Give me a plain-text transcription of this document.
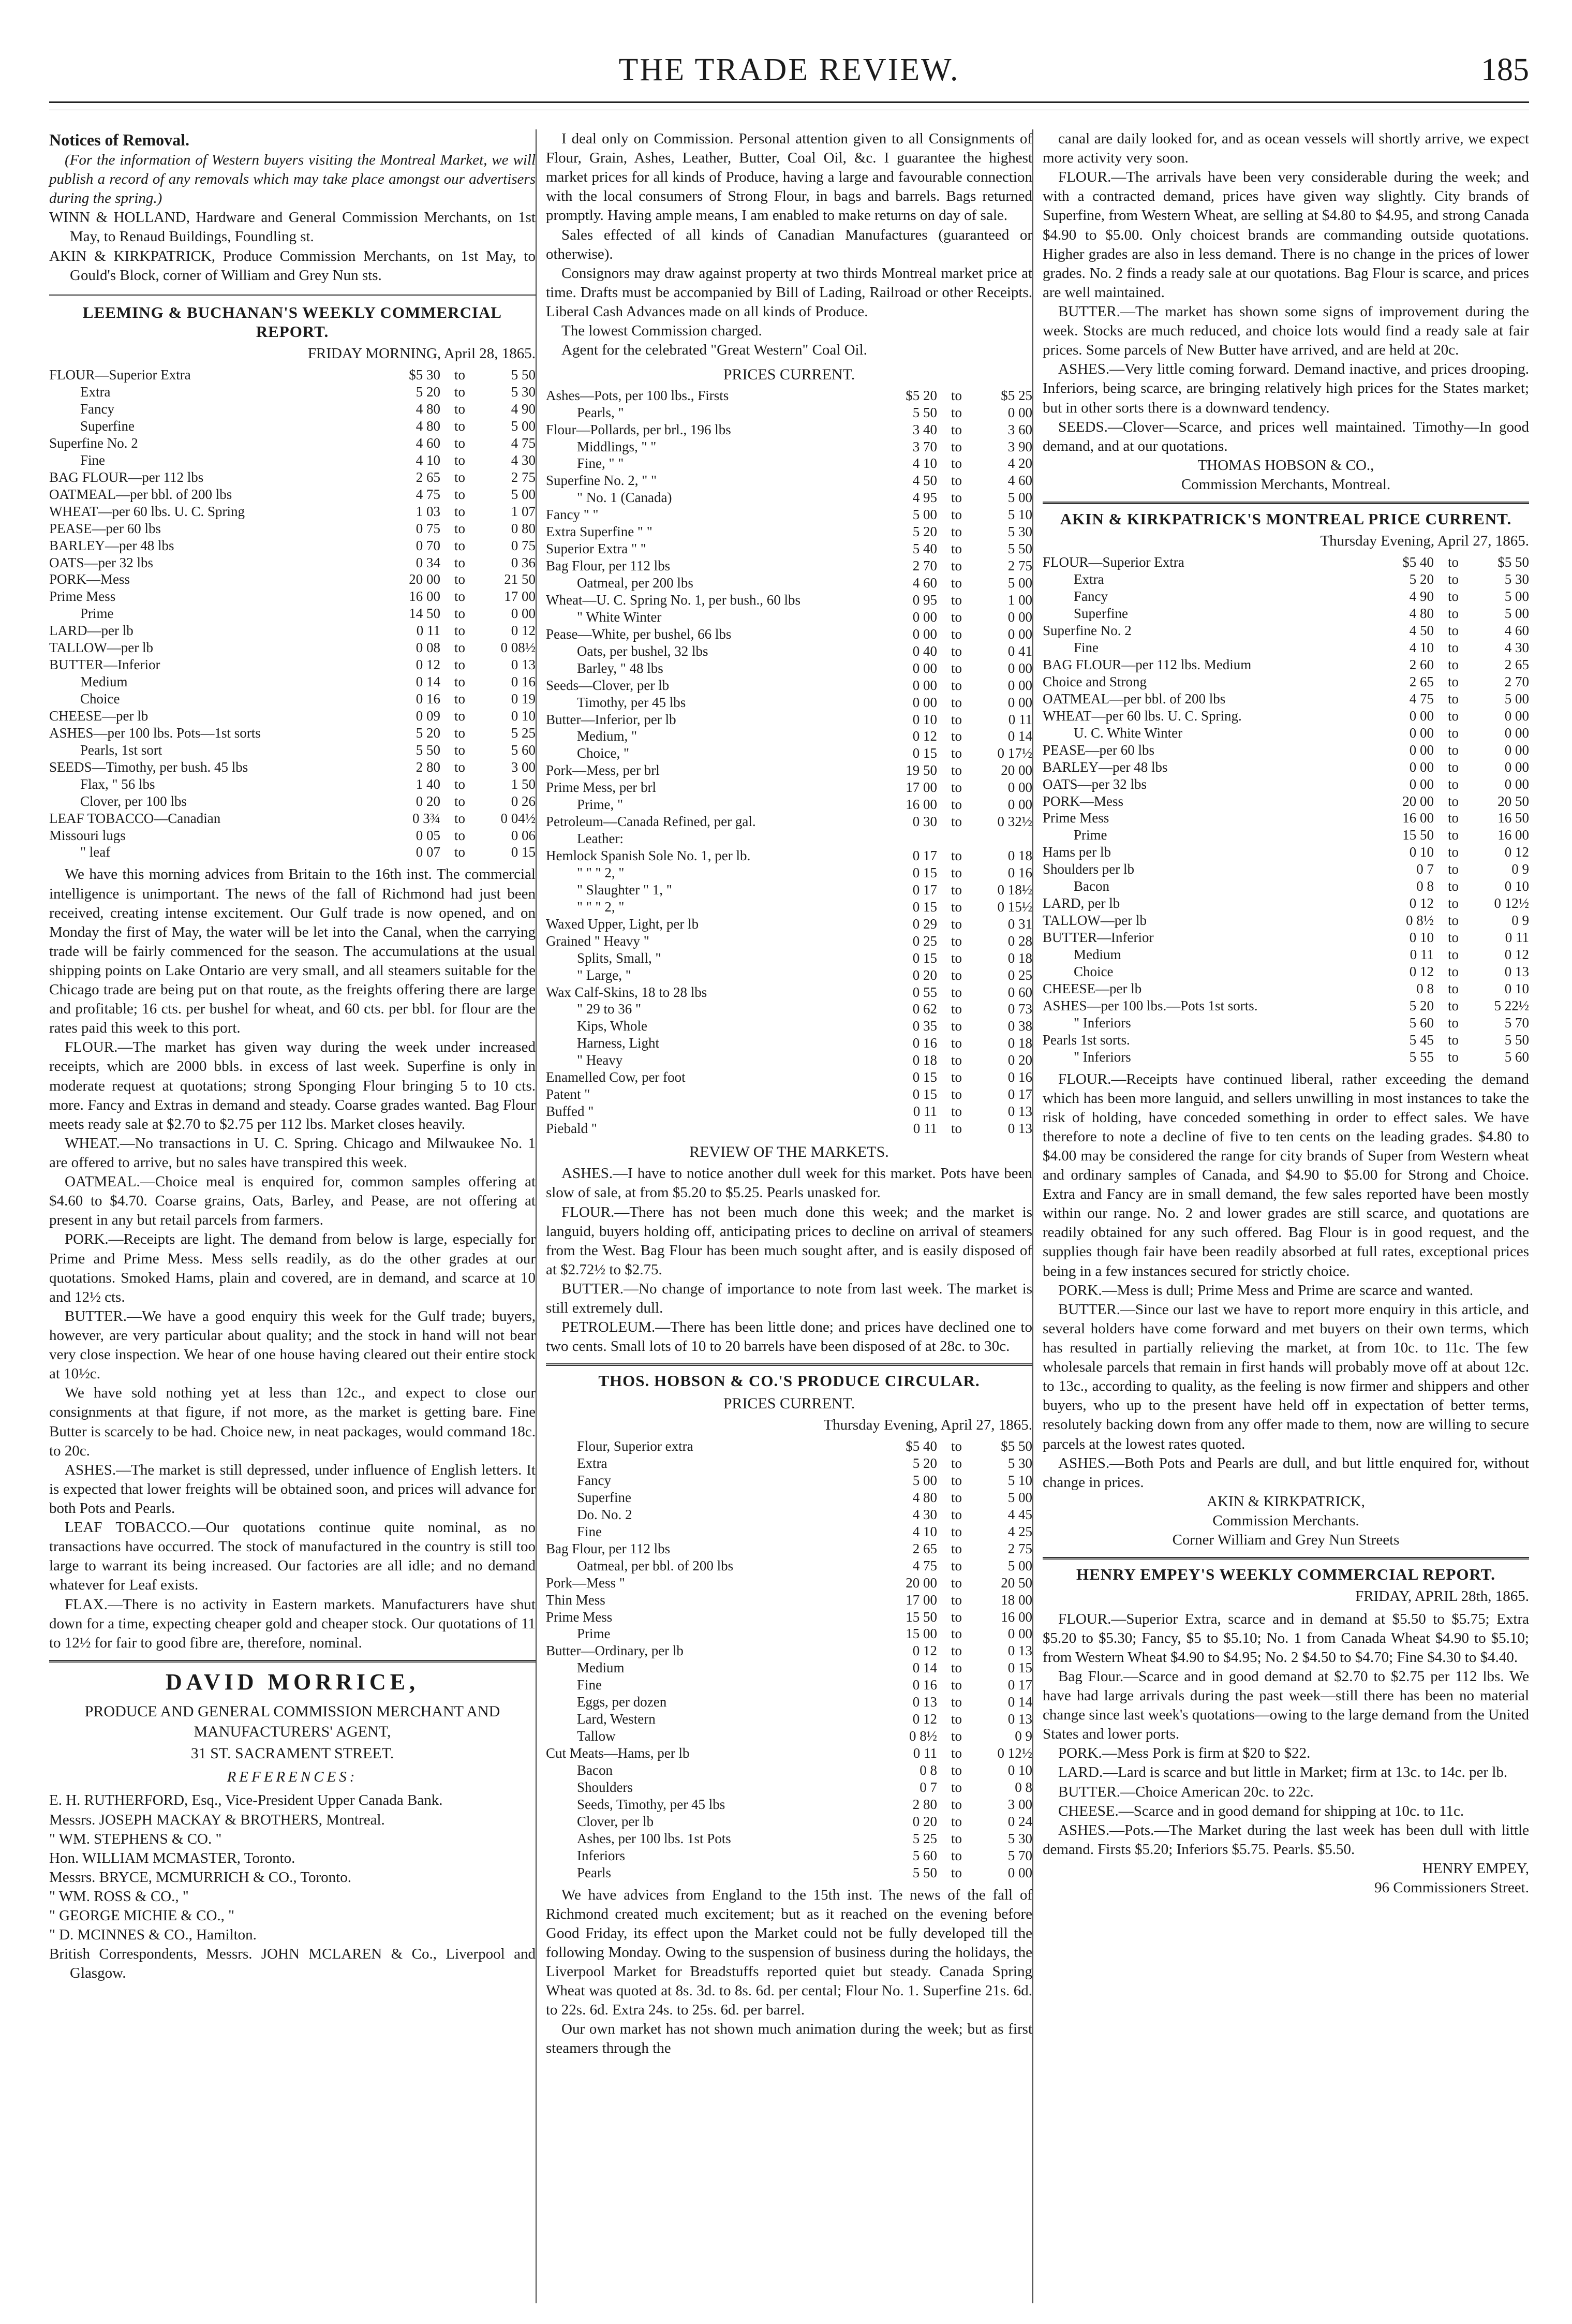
THE TRADE REVIEW.	185
Notices of Removal.

(For the information of Western buyers visiting the Montreal Market, we will publish a record of any removals which may take place amongst our advertisers during the spring.)

WINN & HOLLAND, Hardware and General Commission Merchants, on 1st May, to Renaud Buildings, Foundling st.

AKIN & KIRKPATRICK, Produce Commission Merchants, on 1st May, to Gould's Block, corner of William and Grey Nun sts.

LEEMING & BUCHANAN'S WEEKLY COMMERCIAL REPORT.
FRIDAY MORNING, April 28, 1865.
FLOUR—Superior Extra	$5 30	to	5 50
Extra	5 20	to	5 30
Fancy	4 80	to	4 90
Superfine	4 80	to	5 00
Superfine No. 2	4 60	to	4 75
Fine	4 10	to	4 30
BAG FLOUR—per 112 lbs	2 65	to	2 75
OATMEAL—per bbl. of 200 lbs	4 75	to	5 00
WHEAT—per 60 lbs. U. C. Spring	1 03	to	1 07
PEASE—per 60 lbs	0 75	to	0 80
BARLEY—per 48 lbs	0 70	to	0 75
OATS—per 32 lbs	0 34	to	0 36
PORK—Mess	20 00	to	21 50
Prime Mess	16 00	to	17 00
Prime	14 50	to	0 00
LARD—per lb	0 11	to	0 12
TALLOW—per lb	0 08	to	0 08½
BUTTER—Inferior	0 12	to	0 13
Medium	0 14	to	0 16
Choice	0 16	to	0 19
CHEESE—per lb	0 09	to	0 10
ASHES—per 100 lbs. Pots—1st sorts	5 20	to	5 25
Pearls, 1st sort	5 50	to	5 60
SEEDS—Timothy, per bush. 45 lbs	2 80	to	3 00
Flax, " 56 lbs	1 40	to	1 50
Clover, per 100 lbs	0 20	to	0 26
LEAF TOBACCO—Canadian	0 3¾	to	0 04½
Missouri lugs	0 05	to	0 06
" leaf	0 07	to	0 15

We have this morning advices from Britain to the 16th inst. The commercial intelligence is unimportant. The news of the fall of Richmond had just been received, creating intense excitement. Our Gulf trade is now opened, and on Monday the first of May, the water will be let into the Canal, when the carrying trade will be fairly commenced for the season. The accumulations at the usual shipping points on Lake Ontario are very small, and all steamers suitable for the Chicago trade are being put on that route, as the freights offering there are large and profitable; 16 cts. per bushel for wheat, and 60 cts. per bbl. for flour are the rates paid this week to this port.

FLOUR.—The market has given way during the week under increased receipts, which are 2000 bbls. in excess of last week. Superfine is only in moderate request at quotations; strong Sponging Flour bringing 5 to 10 cts. more. Fancy and Extras in demand and steady. Coarse grades wanted. Bag Flour meets ready sale at $2.70 to $2.75 per 112 lbs. Market closes heavily.

WHEAT.—No transactions in U. C. Spring. Chicago and Milwaukee No. 1 are offered to arrive, but no sales have transpired this week.

OATMEAL.—Choice meal is enquired for, common samples offering at $4.60 to $4.70. Coarse grains, Oats, Barley, and Pease, are not offering at present in any but retail parcels from farmers.

PORK.—Receipts are light. The demand from below is large, especially for Prime and Prime Mess. Mess sells readily, as do the other grades at our quotations. Smoked Hams, plain and covered, are in demand, and scarce at 10 and 12½ cts.

BUTTER.—We have a good enquiry this week for the Gulf trade; buyers, however, are very particular about quality; and the stock in hand will not bear very close inspection. We hear of one house having cleared out their entire stock at 10½c.

We have sold nothing yet at less than 12c., and expect to close our consignments at that figure, if not more, as the market is getting bare. Fine Butter is scarcely to be had. Choice new, in neat packages, would command 18c. to 20c.

ASHES.—The market is still depressed, under influence of English letters. It is expected that lower freights will be obtained soon, and prices will advance for both Pots and Pearls.

LEAF TOBACCO.—Our quotations continue quite nominal, as no transactions have occurred. The stock of manufactured in the country is still too large to warrant its being increased. Our factories are all idle; and no demand whatever for Leaf exists.

FLAX.—There is no activity in Eastern markets. Manufacturers have shut down for a time, expecting cheaper gold and cheaper stock. Our quotations of 11 to 12½ for fair to good fibre are, therefore, nominal.

DAVID MORRICE,
PRODUCE AND GENERAL COMMISSION MERCHANT AND MANUFACTURERS' AGENT,
31 ST. SACRAMENT STREET.
REFERENCES:

E. H. RUTHERFORD, Esq., Vice-President Upper Canada Bank.

Messrs. JOSEPH MACKAY & BROTHERS, Montreal.

" WM. STEPHENS & CO. "

Hon. WILLIAM MCMASTER, Toronto.

Messrs. BRYCE, MCMURRICH & CO., Toronto.

" WM. ROSS & CO., "

" GEORGE MICHIE & CO., "

" D. MCINNES & CO., Hamilton.

British Correspondents, Messrs. JOHN MCLAREN & Co., Liverpool and Glasgow.

I deal only on Commission. Personal attention given to all Consignments of Flour, Grain, Ashes, Leather, Butter, Coal Oil, &c. I guarantee the highest market prices for all kinds of Produce, having a large and favourable connection with the local consumers of Strong Flour, in bags and barrels. Bags returned promptly. Having ample means, I am enabled to make returns on day of sale.

Sales effected of all kinds of Canadian Manufactures (guaranteed or otherwise).

Consignors may draw against property at two thirds Montreal market price at time. Drafts must be accompanied by Bill of Lading, Railroad or other Receipts. Liberal Cash Advances made on all kinds of Produce.

The lowest Commission charged.

Agent for the celebrated "Great Western" Coal Oil.

PRICES CURRENT.
Ashes—Pots, per 100 lbs., Firsts	$5 20	to	$5 25
Pearls, "	5 50	to	0 00
Flour—Pollards, per brl., 196 lbs	3 40	to	3 60
Middlings, " "	3 70	to	3 90
Fine, " "	4 10	to	4 20
Superfine No. 2, " "	4 50	to	4 60
" No. 1 (Canada)	4 95	to	5 00
Fancy " "	5 00	to	5 10
Extra Superfine " "	5 20	to	5 30
Superior Extra " "	5 40	to	5 50
Bag Flour, per 112 lbs	2 70	to	2 75
Oatmeal, per 200 lbs	4 60	to	5 00
Wheat—U. C. Spring No. 1, per bush., 60 lbs	0 95	to	1 00
" White Winter	0 00	to	0 00
Pease—White, per bushel, 66 lbs	0 00	to	0 00
Oats, per bushel, 32 lbs	0 40	to	0 41
Barley, " 48 lbs	0 00	to	0 00
Seeds—Clover, per lb	0 00	to	0 00
Timothy, per 45 lbs	0 00	to	0 00
Butter—Inferior, per lb	0 10	to	0 11
Medium, "	0 12	to	0 14
Choice, "	0 15	to	0 17½
Pork—Mess, per brl	19 50	to	20 00
Prime Mess, per brl	17 00	to	0 00
Prime, "	16 00	to	0 00
Petroleum—Canada Refined, per gal.	0 30	to	0 32½
Leather:			
Hemlock Spanish Sole No. 1, per lb.	0 17	to	0 18
" " " 2, "	0 15	to	0 16
" Slaughter " 1, "	0 17	to	0 18½
" " " 2, "	0 15	to	0 15½
Waxed Upper, Light, per lb	0 29	to	0 31
Grained " Heavy "	0 25	to	0 28
Splits, Small, "	0 15	to	0 18
" Large, "	0 20	to	0 25
Wax Calf-Skins, 18 to 28 lbs	0 55	to	0 60
" 29 to 36 "	0 62	to	0 73
Kips, Whole	0 35	to	0 38
Harness, Light	0 16	to	0 18
" Heavy	0 18	to	0 20
Enamelled Cow, per foot	0 15	to	0 16
Patent "	0 15	to	0 17
Buffed "	0 11	to	0 13
Piebald "	0 11	to	0 13
REVIEW OF THE MARKETS.

ASHES.—I have to notice another dull week for this market. Pots have been slow of sale, at from $5.20 to $5.25. Pearls unasked for.

FLOUR.—There has not been much done this week; and the market is languid, buyers holding off, anticipating prices to decline on arrival of steamers from the West. Bag Flour has been much sought after, and is easily disposed of at $2.72½ to $2.75.

BUTTER.—No change of importance to note from last week. The market is still extremely dull.

PETROLEUM.—There has been little done; and prices have declined one to two cents. Small lots of 10 to 20 barrels have been disposed of at 28c. to 30c.

THOS. HOBSON & CO.'S PRODUCE CIRCULAR.
PRICES CURRENT.
Thursday Evening, April 27, 1865.
Flour, Superior extra	$5 40	to	$5 50
Extra	5 20	to	5 30
Fancy	5 00	to	5 10
Superfine	4 80	to	5 00
Do. No. 2	4 30	to	4 45
Fine	4 10	to	4 25
Bag Flour, per 112 lbs	2 65	to	2 75
Oatmeal, per bbl. of 200 lbs	4 75	to	5 00
Pork—Mess "	20 00	to	20 50
Thin Mess	17 00	to	18 00
Prime Mess	15 50	to	16 00
Prime	15 00	to	0 00
Butter—Ordinary, per lb	0 12	to	0 13
Medium	0 14	to	0 15
Fine	0 16	to	0 17
Eggs, per dozen	0 13	to	0 14
Lard, Western	0 12	to	0 13
Tallow	0 8½	to	0 9
Cut Meats—Hams, per lb	0 11	to	0 12½
Bacon	0 8	to	0 10
Shoulders	0 7	to	0 8
Seeds, Timothy, per 45 lbs	2 80	to	3 00
Clover, per lb	0 20	to	0 24
Ashes, per 100 lbs. 1st Pots	5 25	to	5 30
Inferiors	5 60	to	5 70
Pearls	5 50	to	0 00

We have advices from England to the 15th inst. The news of the fall of Richmond created much excitement; but as it reached on the evening before Good Friday, its effect upon the Market could not be fully developed till the following Monday. Owing to the suspension of business during the holidays, the Liverpool Market for Breadstuffs reported quiet but steady. Canada Spring Wheat was quoted at 8s. 3d. to 8s. 6d. per cental; Flour No. 1. Superfine 21s. 6d. to 22s. 6d. Extra 24s. to 25s. 6d. per barrel.

Our own market has not shown much animation during the week; but as first steamers through the

canal are daily looked for, and as ocean vessels will shortly arrive, we expect more activity very soon.

FLOUR.—The arrivals have been very considerable during the week; and with a contracted demand, prices have given way slightly. City brands of Superfine, from Western Wheat, are selling at $4.80 to $4.95, and strong Canada $4.90 to $5.00. Only choicest brands are commanding outside quotations. Higher grades are also in less demand. There is no change in the prices of lower grades. No. 2 finds a ready sale at our quotations. Bag Flour is scarce, and prices are well maintained.

BUTTER.—The market has shown some signs of improvement during the week. Stocks are much reduced, and choice lots would find a ready sale at fair prices. Some parcels of New Butter have arrived, and are held at 20c.

ASHES.—Very little coming forward. Demand inactive, and prices drooping. Inferiors, being scarce, are bringing relatively high prices for the States market; but in other sorts there is a downward tendency.

SEEDS.—Clover—Scarce, and prices well maintained. Timothy—In good demand, and at our quotations.

THOMAS HOBSON & CO.,
Commission Merchants, Montreal.
AKIN & KIRKPATRICK'S MONTREAL PRICE CURRENT.
Thursday Evening, April 27, 1865.
FLOUR—Superior Extra	$5 40	to	$5 50
Extra	5 20	to	5 30
Fancy	4 90	to	5 00
Superfine	4 80	to	5 00
Superfine No. 2	4 50	to	4 60
Fine	4 10	to	4 30
BAG FLOUR—per 112 lbs. Medium	2 60	to	2 65
Choice and Strong	2 65	to	2 70
OATMEAL—per bbl. of 200 lbs	4 75	to	5 00
WHEAT—per 60 lbs. U. C. Spring.	0 00	to	0 00
U. C. White Winter	0 00	to	0 00
PEASE—per 60 lbs	0 00	to	0 00
BARLEY—per 48 lbs	0 00	to	0 00
OATS—per 32 lbs	0 00	to	0 00
PORK—Mess	20 00	to	20 50
Prime Mess	16 00	to	16 50
Prime	15 50	to	16 00
Hams per lb	0 10	to	0 12
Shoulders per lb	0 7	to	0 9
Bacon	0 8	to	0 10
LARD, per lb	0 12	to	0 12½
TALLOW—per lb	0 8½	to	0 9
BUTTER—Inferior	0 10	to	0 11
Medium	0 11	to	0 12
Choice	0 12	to	0 13
CHEESE—per lb	0 8	to	0 10
ASHES—per 100 lbs.—Pots 1st sorts.	5 20	to	5 22½
" Inferiors	5 60	to	5 70
Pearls 1st sorts.	5 45	to	5 50
" Inferiors	5 55	to	5 60

FLOUR.—Receipts have continued liberal, rather exceeding the demand which has been more languid, and sellers unwilling in most instances to take the risk of holding, have conceded something in order to effect sales. We have therefore to note a decline of five to ten cents on the leading grades. $4.80 to $4.00 may be considered the range for city brands of Super from Western wheat and ordinary samples of Canada, and $4.90 to $5.00 for Strong and Choice. Extra and Fancy are in small demand, the few sales reported have been mostly within our range. No. 2 and lower grades are still scarce, and quotations are readily obtained for any such offered. Bag Flour is in good request, and the supplies though fair have been readily absorbed at full rates, exceptional prices being in a few instances secured for strictly choice.

PORK.—Mess is dull; Prime Mess and Prime are scarce and wanted.

BUTTER.—Since our last we have to report more enquiry in this article, and several holders have come forward and met buyers on their own terms, which has resulted in partially relieving the market, at from 10c. to 11c. The few wholesale parcels that remain in first hands will probably move off at about 12c. to 13c., according to quality, as the feeling is now firmer and shippers and other buyers, who up to the present have held off in expectation of better terms, resolutely backing down from any offer made to them, now are willing to secure parcels at the lowest rates quoted.

ASHES.—Both Pots and Pearls are dull, and but little enquired for, without change in prices.

AKIN & KIRKPATRICK,
Commission Merchants.
Corner William and Grey Nun Streets
HENRY EMPEY'S WEEKLY COMMERCIAL REPORT.
FRIDAY, APRIL 28th, 1865.

FLOUR.—Superior Extra, scarce and in demand at $5.50 to $5.75; Extra $5.20 to $5.30; Fancy, $5 to $5.10; No. 1 from Canada Wheat $4.90 to $5.10; from Western Wheat $4.90 to $4.95; No. 2 $4.50 to $4.70; Fine $4.30 to $4.40.

Bag Flour.—Scarce and in good demand at $2.70 to $2.75 per 112 lbs. We have had large arrivals during the past week—still there has been no material change since last week's quotations—owing to the large demand from the United States and lower ports.

PORK.—Mess Pork is firm at $20 to $22.

LARD.—Lard is scarce and but little in Market; firm at 13c. to 14c. per lb.

BUTTER.—Choice American 20c. to 22c.

CHEESE.—Scarce and in good demand for shipping at 10c. to 11c.

ASHES.—Pots.—The Market during the last week has been dull with little demand. Firsts $5.20; Inferiors $5.75. Pearls. $5.50.

HENRY EMPEY,
96 Commissioners Street.
